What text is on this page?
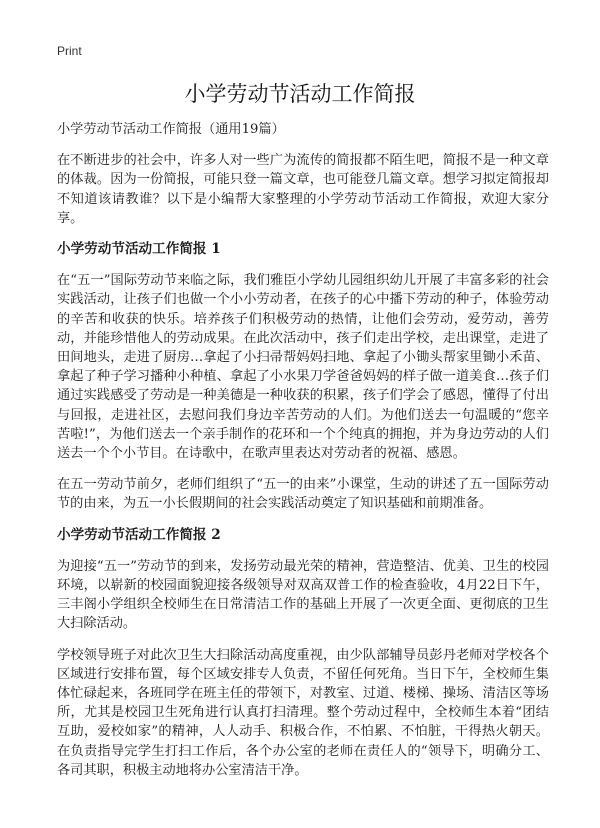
Print
小学劳动节活动工作简报

小学劳动节活动工作简报（通用19篇）

在不断进步的社会中，许多人对一些广为流传的简报都不陌生吧，简报不是一种文章的体裁。因为一份简报，可能只登一篇文章，也可能登几篇文章。想学习拟定简报却不知道该请教谁？以下是小编帮大家整理的小学劳动节活动工作简报，欢迎大家分享。

小学劳动节活动工作简报 1

在“五一”国际劳动节来临之际，我们雅臣小学幼儿园组织幼儿开展了丰富多彩的社会实践活动，让孩子们也做一个小小劳动者，在孩子的心中播下劳动的种子，体验劳动的辛苦和收获的快乐。培养孩子们积极劳动的热情，让他们会劳动，爱劳动，善劳动，并能珍惜他人的劳动成果。在此次活动中，孩子们走出学校，走出课堂，走进了田间地头，走进了厨房…拿起了小扫帚帮妈妈扫地、拿起了小锄头帮家里锄小禾苗、拿起了种子学习播种小种植、拿起了小水果刀学爸爸妈妈的样子做一道美食…孩子们通过实践感受了劳动是一种美德是一种收获的积累，孩子们学会了感恩，懂得了付出与回报，走进社区，去慰问我们身边辛苦劳动的人们。为他们送去一句温暖的“您辛苦啦!”，为他们送去一个亲手制作的花环和一个个纯真的拥抱，并为身边劳动的人们送去一个个小节目。在诗歌中，在歌声里表达对劳动者的祝福、感恩。

在五一劳动节前夕，老师们组织了“五一的由来”小课堂，生动的讲述了五一国际劳动节的由来，为五一小长假期间的社会实践活动奠定了知识基础和前期准备。

小学劳动节活动工作简报 2

为迎接“五一”劳动节的到来，发扬劳动最光荣的精神，营造整洁、优美、卫生的校园环境，以崭新的校园面貌迎接各级领导对双高双普工作的检查验收，4月22日下午，三丰阁小学组织全校师生在日常清洁工作的基础上开展了一次更全面、更彻底的卫生大扫除活动。

学校领导班子对此次卫生大扫除活动高度重视，由少队部辅导员彭丹老师对学校各个区域进行安排布置，每个区域安排专人负责，不留任何死角。当日下午，全校师生集体忙碌起来，各班同学在班主任的带领下，对教室、过道、楼梯、操场、清洁区等场所，尤其是校园卫生死角进行认真打扫清理。整个劳动过程中，全校师生本着“团结互助，爱校如家”的精神，人人动手、积极合作，不怕累、不怕脏，干得热火朝天。在负责指导完学生打扫工作后，各个办公室的老师在责任人的“领导下，明确分工、各司其职，积极主动地将办公室清洁干净。
